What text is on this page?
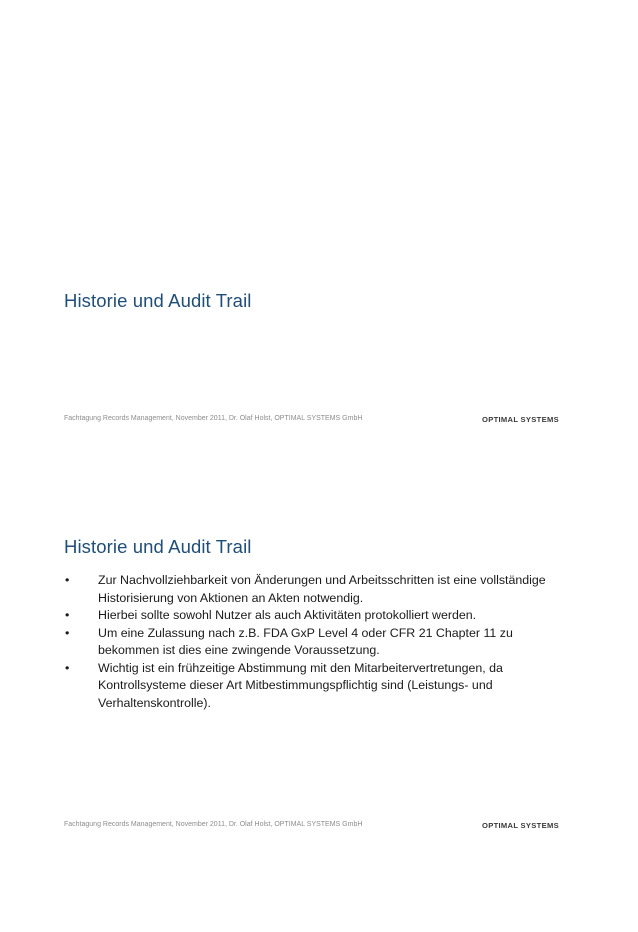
Historie und Audit Trail
Fachtagung Records Management, November 2011, Dr. Olaf Holst, OPTIMAL SYSTEMS GmbH	OPTIMAL SYSTEMS
Historie und Audit Trail
• Zur Nachvollziehbarkeit von Änderungen und Arbeitsschritten ist eine vollständige Historisierung von Aktionen an Akten notwendig.
• Hierbei sollte sowohl Nutzer als auch Aktivitäten protokolliert werden.
• Um eine Zulassung nach z.B. FDA GxP Level 4 oder CFR 21 Chapter 11 zu bekommen ist dies eine zwingende Voraussetzung.
• Wichtig ist ein frühzeitige Abstimmung mit den Mitarbeitervertretungen, da Kontrollsysteme dieser Art Mitbestimmungspflichtig sind (Leistungs- und Verhaltenskontrolle).
Fachtagung Records Management, November 2011, Dr. Olaf Holst, OPTIMAL SYSTEMS GmbH	OPTIMAL SYSTEMS
